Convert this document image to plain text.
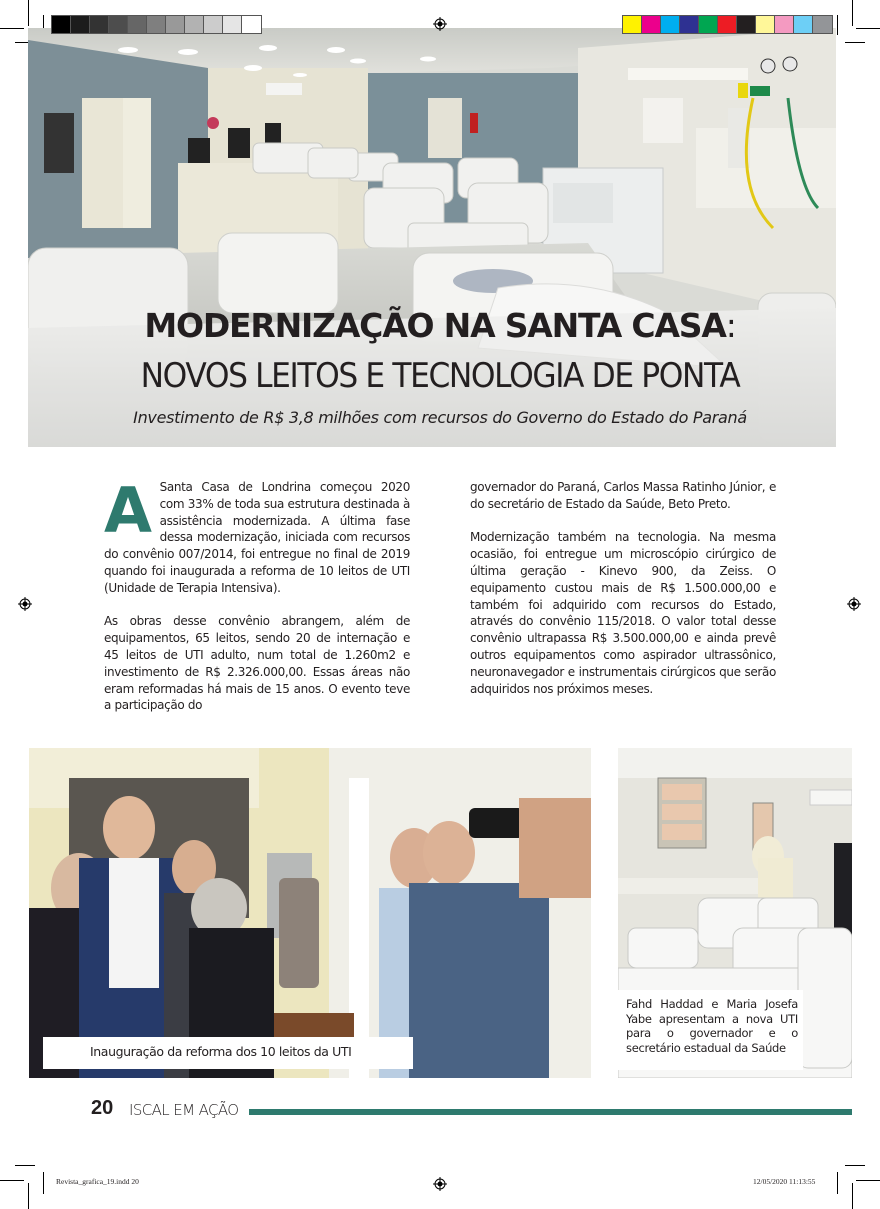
MODERNIZAÇÃO NA SANTA CASA:
NOVOS LEITOS E TECNOLOGIA DE PONTA
Investimento de R$ 3,8 milhões com recursos do Governo do Estado do Paraná
A Santa Casa de Londrina começou 2020 com 33% de toda sua estrutura destinada à assistência modernizada. A última fase dessa modernização, iniciada com recursos do convênio 007/2014, foi entregue no final de 2019 quando foi inaugurada a reforma de 10 leitos de UTI (Unidade de Terapia Intensiva).

As obras desse convênio abrangem, além de equipamentos, 65 leitos, sendo 20 de internação e 45 leitos de UTI adulto, num total de 1.260m2 e investimento de R$ 2.326.000,00. Essas áreas não eram reformadas há mais de 15 anos. O evento teve a participação do

governador do Paraná, Carlos Massa Ratinho Júnior, e do secretário de Estado da Saúde, Beto Preto.

Modernização também na tecnologia. Na mesma ocasião, foi entregue um microscópio cirúrgico de última geração - Kinevo 900, da Zeiss. O equipamento custou mais de R$ 1.500.000,00 e também foi adquirido com recursos do Estado, através do convênio 115/2018. O valor total desse convênio ultrapassa R$ 3.500.000,00 e ainda prevê outros equipamentos como aspirador ultrassônico, neuronavegador e instrumentais cirúrgicos que serão adquiridos nos próximos meses.

Inauguração da reforma dos 10 leitos da UTI
Fahd Haddad e Maria Josefa Yabe apresentam a nova UTI para o governador e o secretário estadual da Saúde
20 ISCAL EM AÇÃO
Revista_grafica_19.indd 20	12/05/2020 11:13:55
